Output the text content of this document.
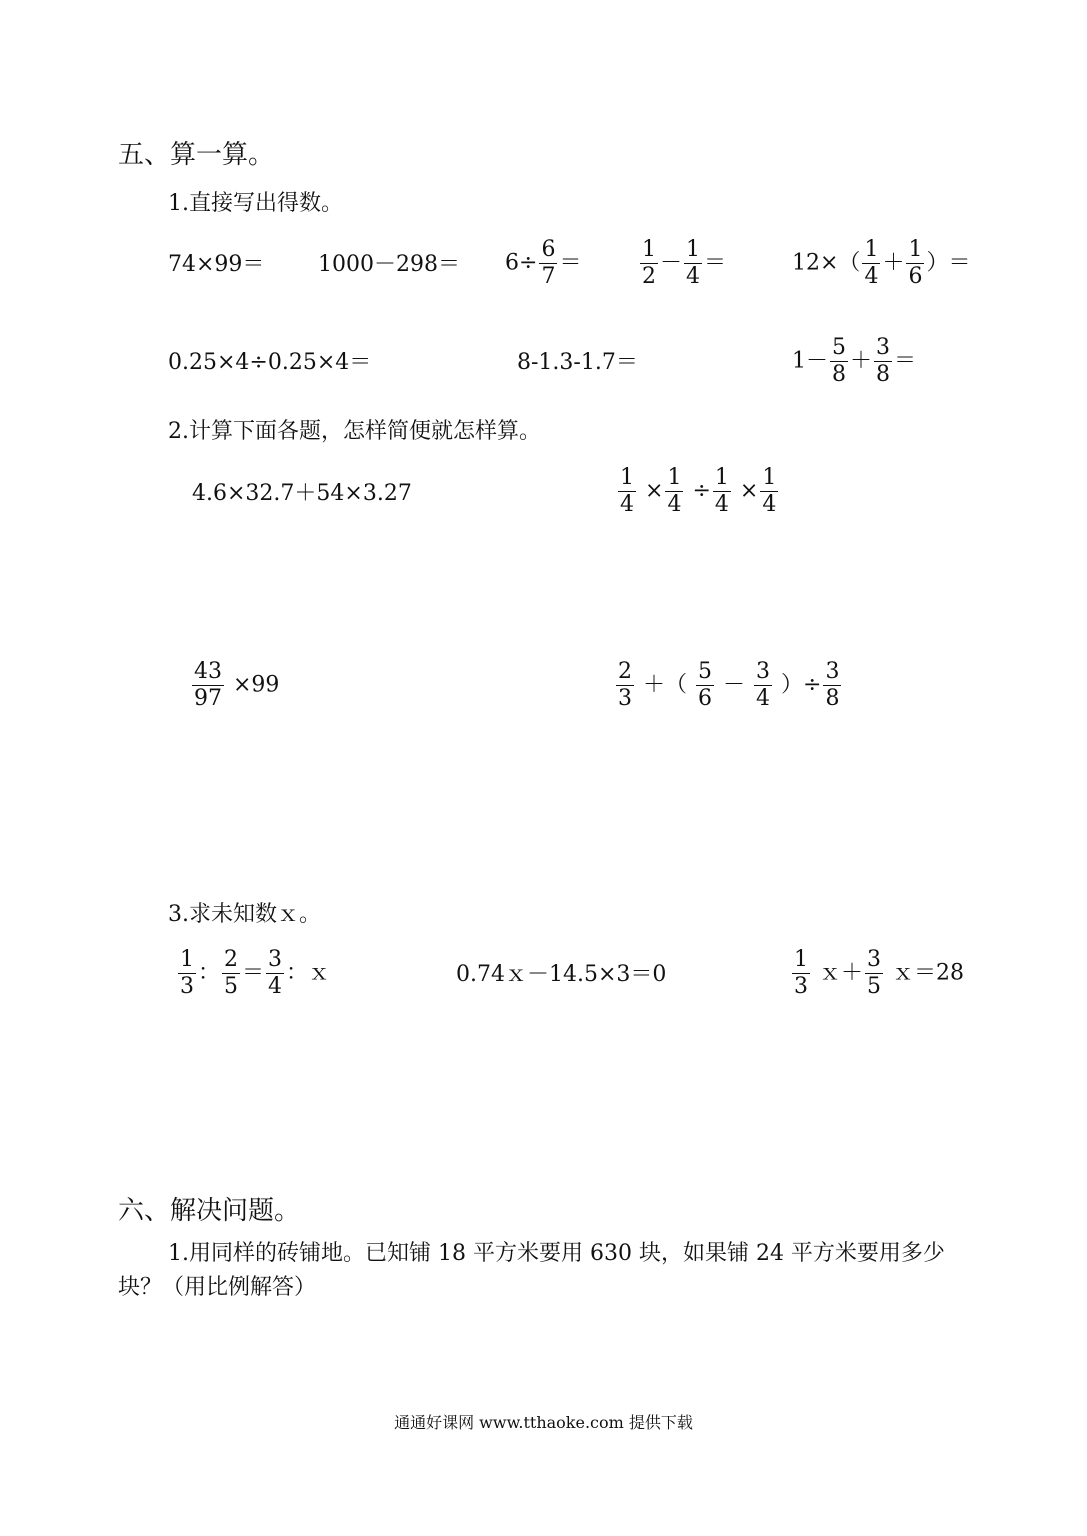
五、算一算。
1.直接写出得数。
$74\times 99= 1000-298= 6\div \frac{6}{7}$ ＝	$\frac{1}{2} - \frac{1}{4}$ ＝	$12\times( \frac{1}{4} + \frac{1}{6}$ ）＝
0.25×4÷0.25×4＝	8-1.3-1.7＝	$1- \frac{5}{8} + \frac{3}{8}$ ＝
2.计算下面各题，怎样简便就怎样算。
4.6×32.7＋54×3.27	$\frac{1}{4} \times \frac{1}{4} \div \frac{1}{4} \times \frac{1}{4}$
$\frac{43}{97} \times 99$	$\frac{2}{3}$ ＋（ $\frac{5}{6} - \frac{3}{4}$ ）÷ $\frac{3}{8}$
3.求未知数ｘ。
$\frac{1}{3}$ ： $\frac{2}{5} = \frac{3}{4}$ ：ｘ	0.74ｘ－14.5×3＝0	$\frac{1}{3}$ ｘ＋ $\frac{3}{5}$ ｘ＝28
六、解决问题。
1.用同样的砖铺地。已知铺 18 平方米要用 630 块，如果铺 24 平方米要用多少块？（用比例解答）
通通好课网 www.tthaoke.com 提供下载
